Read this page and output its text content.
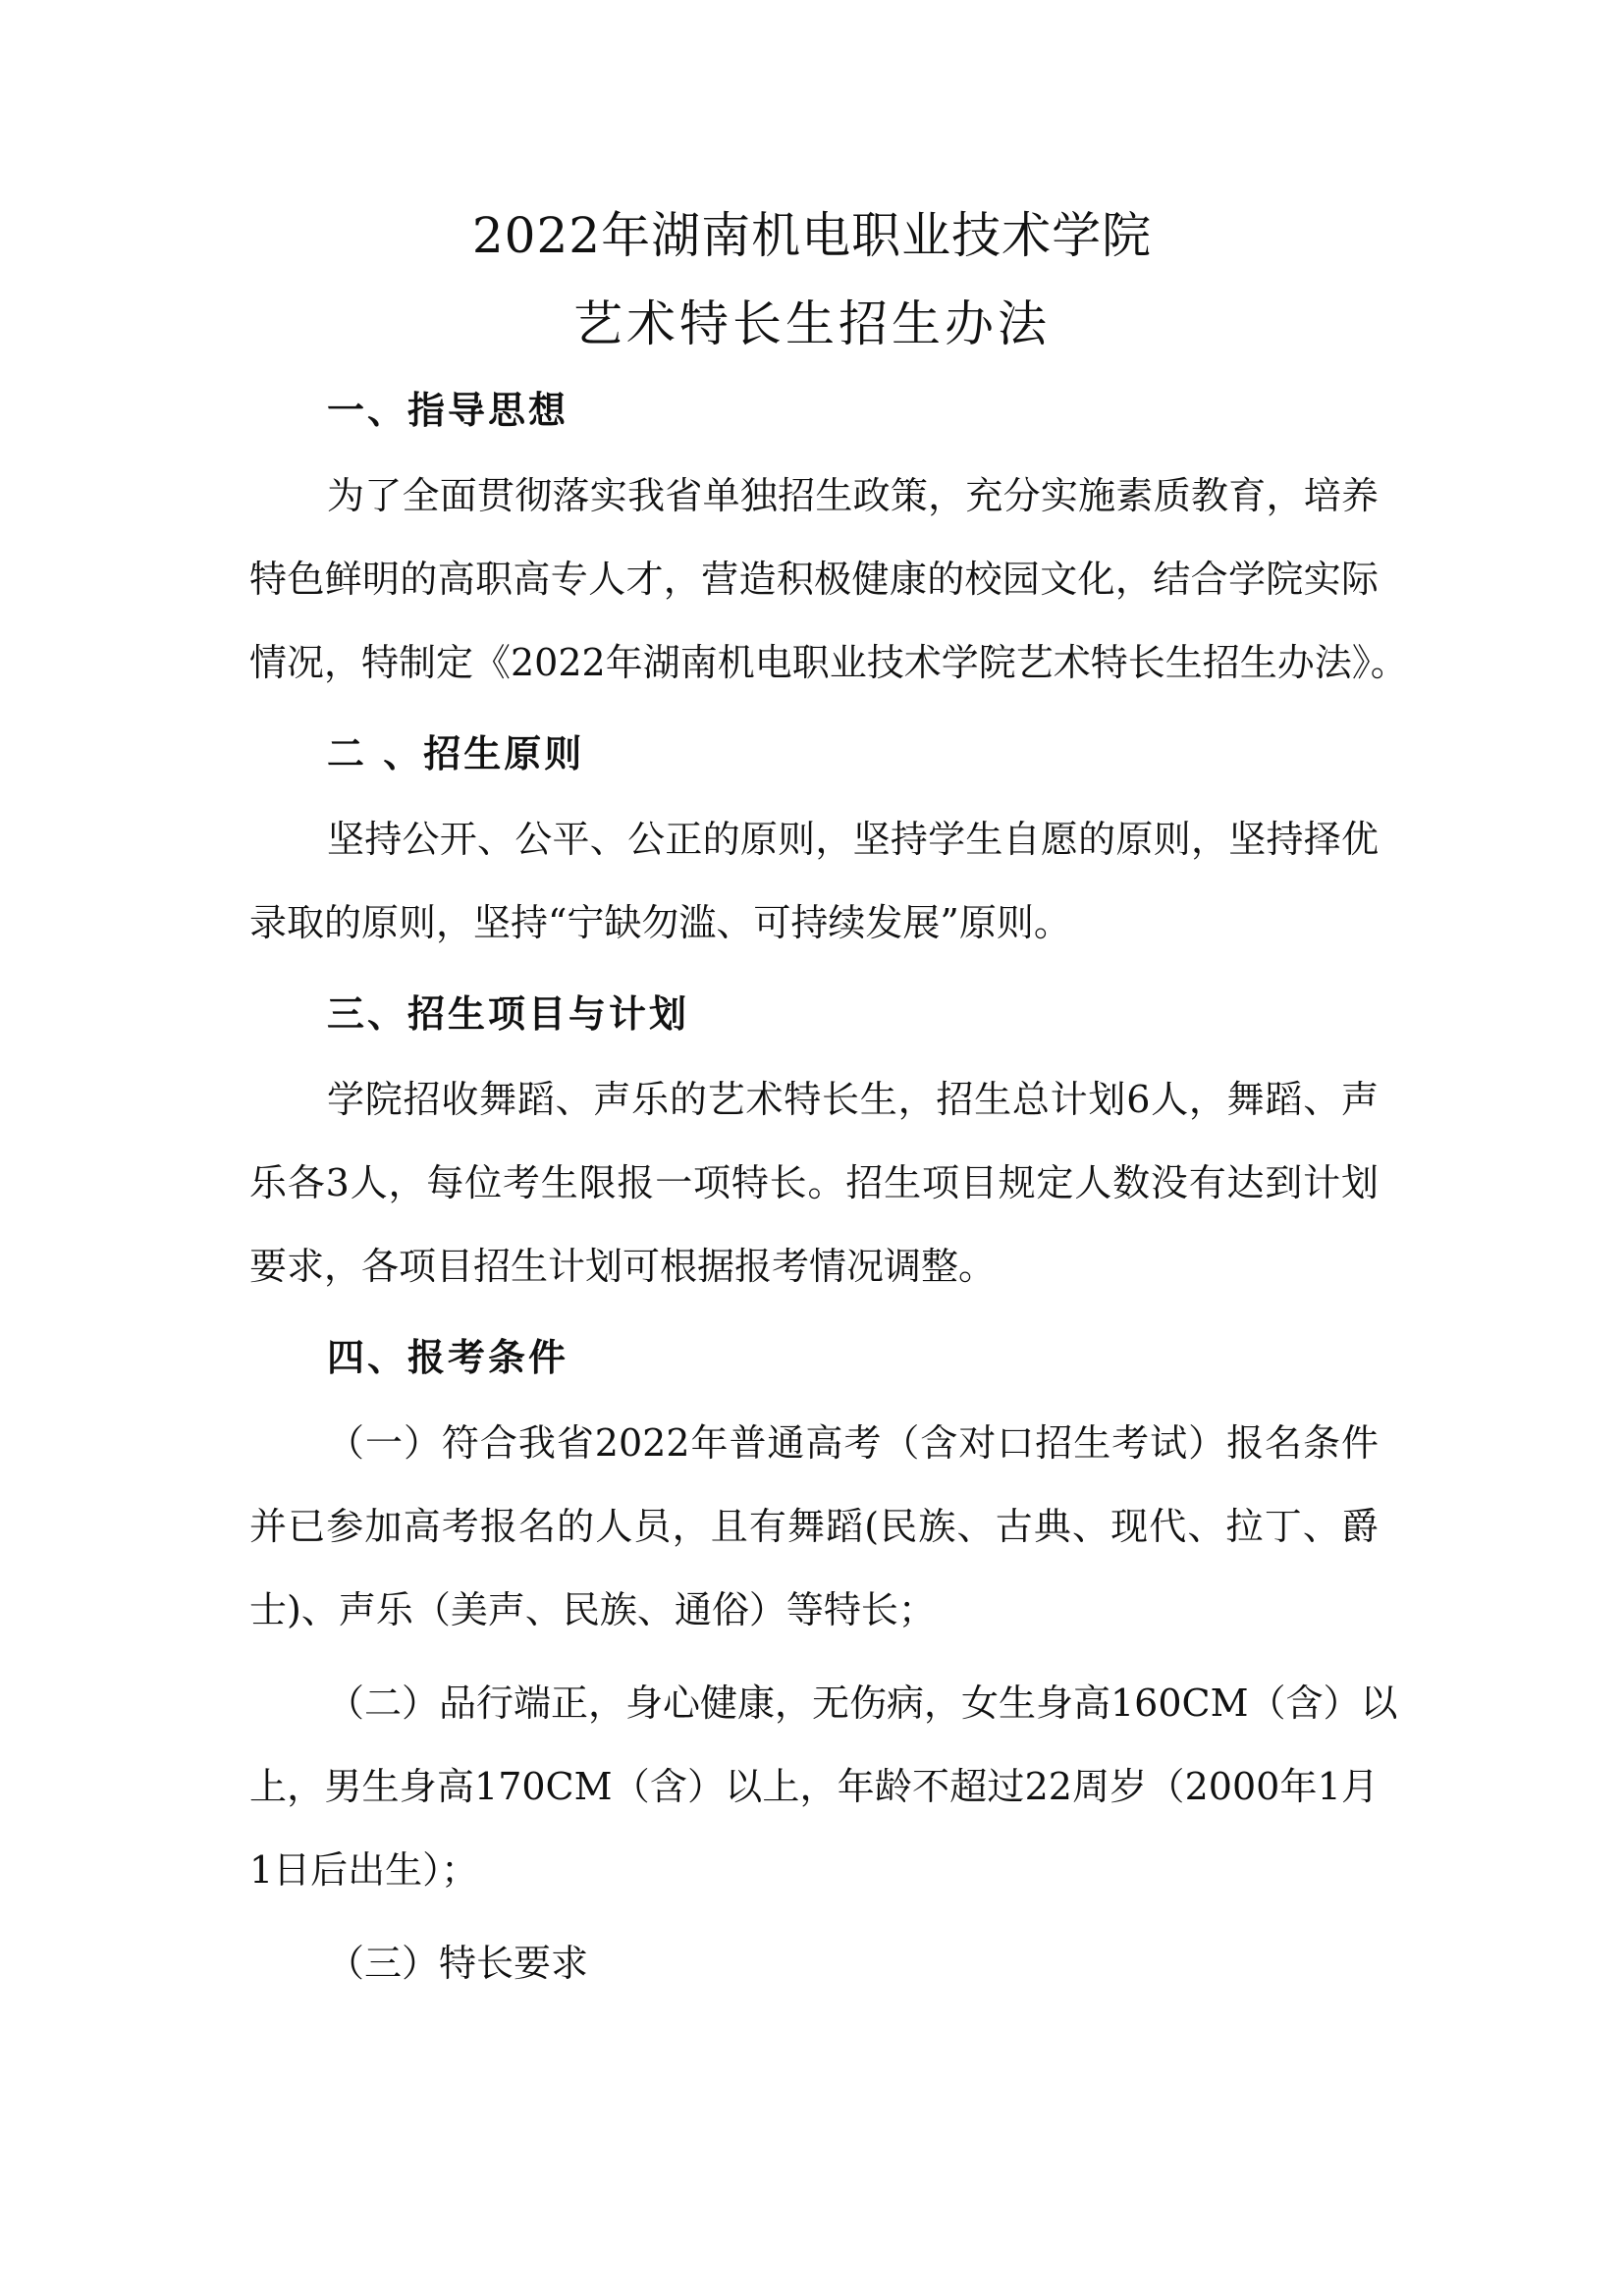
2022年湖南机电职业技术学院
艺术特长生招生办法
一、指导思想
为了全面贯彻落实我省单独招生政策，充分实施素质教育，培养
特色鲜明的高职高专人才，营造积极健康的校园文化，结合学院实际
情况，特制定《2022年湖南机电职业技术学院艺术特长生招生办法》。
二 、招生原则
坚持公开、公平、公正的原则，坚持学生自愿的原则，坚持择优
录取的原则，坚持“宁缺勿滥、可持续发展”原则。
三、招生项目与计划
学院招收舞蹈、声乐的艺术特长生，招生总计划6人，舞蹈、声
乐各3人，每位考生限报一项特长。招生项目规定人数没有达到计划
要求，各项目招生计划可根据报考情况调整。
四、报考条件
（一）符合我省2022年普通高考（含对口招生考试）报名条件
并已参加高考报名的人员，且有舞蹈(民族、古典、现代、拉丁、爵
士)、声乐（美声、民族、通俗）等特长；
（二）品行端正，身心健康，无伤病，女生身高160CM（含）以
上，男生身高170CM（含）以上，年龄不超过22周岁（2000年1月
1日后出生）；
（三）特长要求
